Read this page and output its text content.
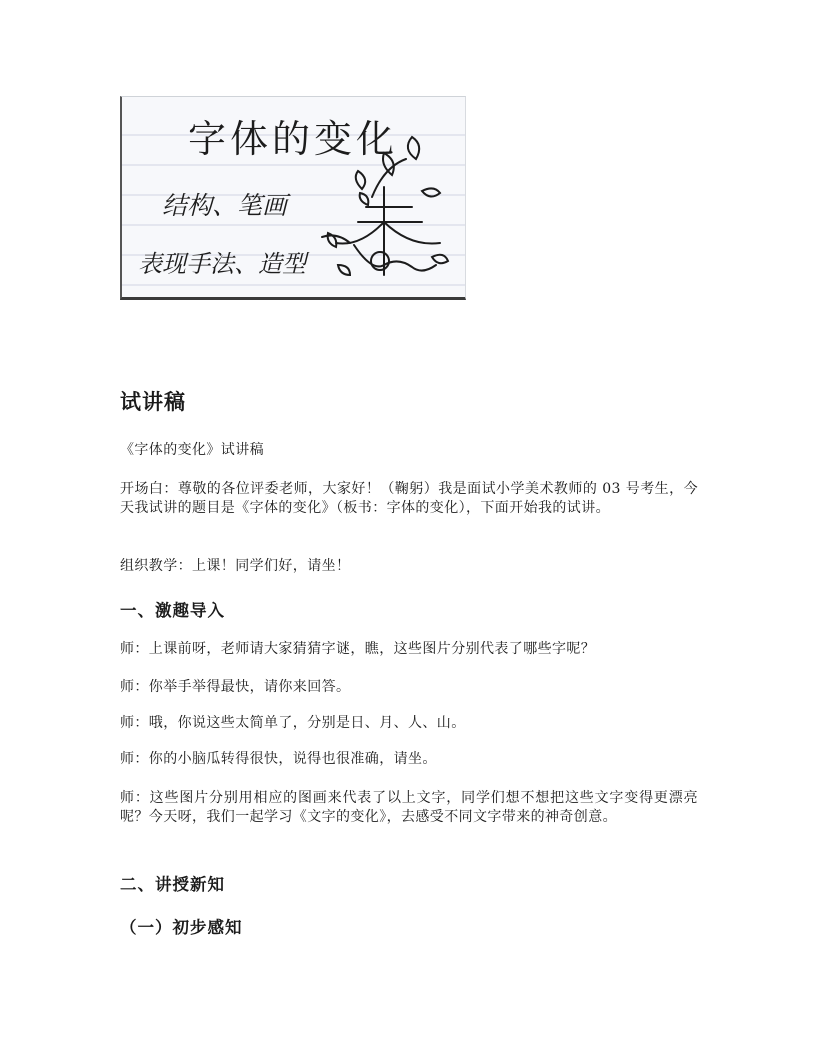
字体的变化
结构、笔画
表现手法、造型
试讲稿

《字体的变化》试讲稿

开场白：尊敬的各位评委老师，大家好！（鞠躬）我是面试小学美术教师的 03 号考生，今天我试讲的题目是《字体的变化》（板书：字体的变化），下面开始我的试讲。

组织教学：上课！同学们好，请坐！

一、激趣导入

师：上课前呀，老师请大家猜猜字谜，瞧，这些图片分别代表了哪些字呢？

师：你举手举得最快，请你来回答。

师：哦，你说这些太简单了，分别是日、月、人、山。

师：你的小脑瓜转得很快，说得也很准确，请坐。

师：这些图片分别用相应的图画来代表了以上文字，同学们想不想把这些文字变得更漂亮呢？今天呀，我们一起学习《文字的变化》，去感受不同文字带来的神奇创意。

二、讲授新知
（一）初步感知
